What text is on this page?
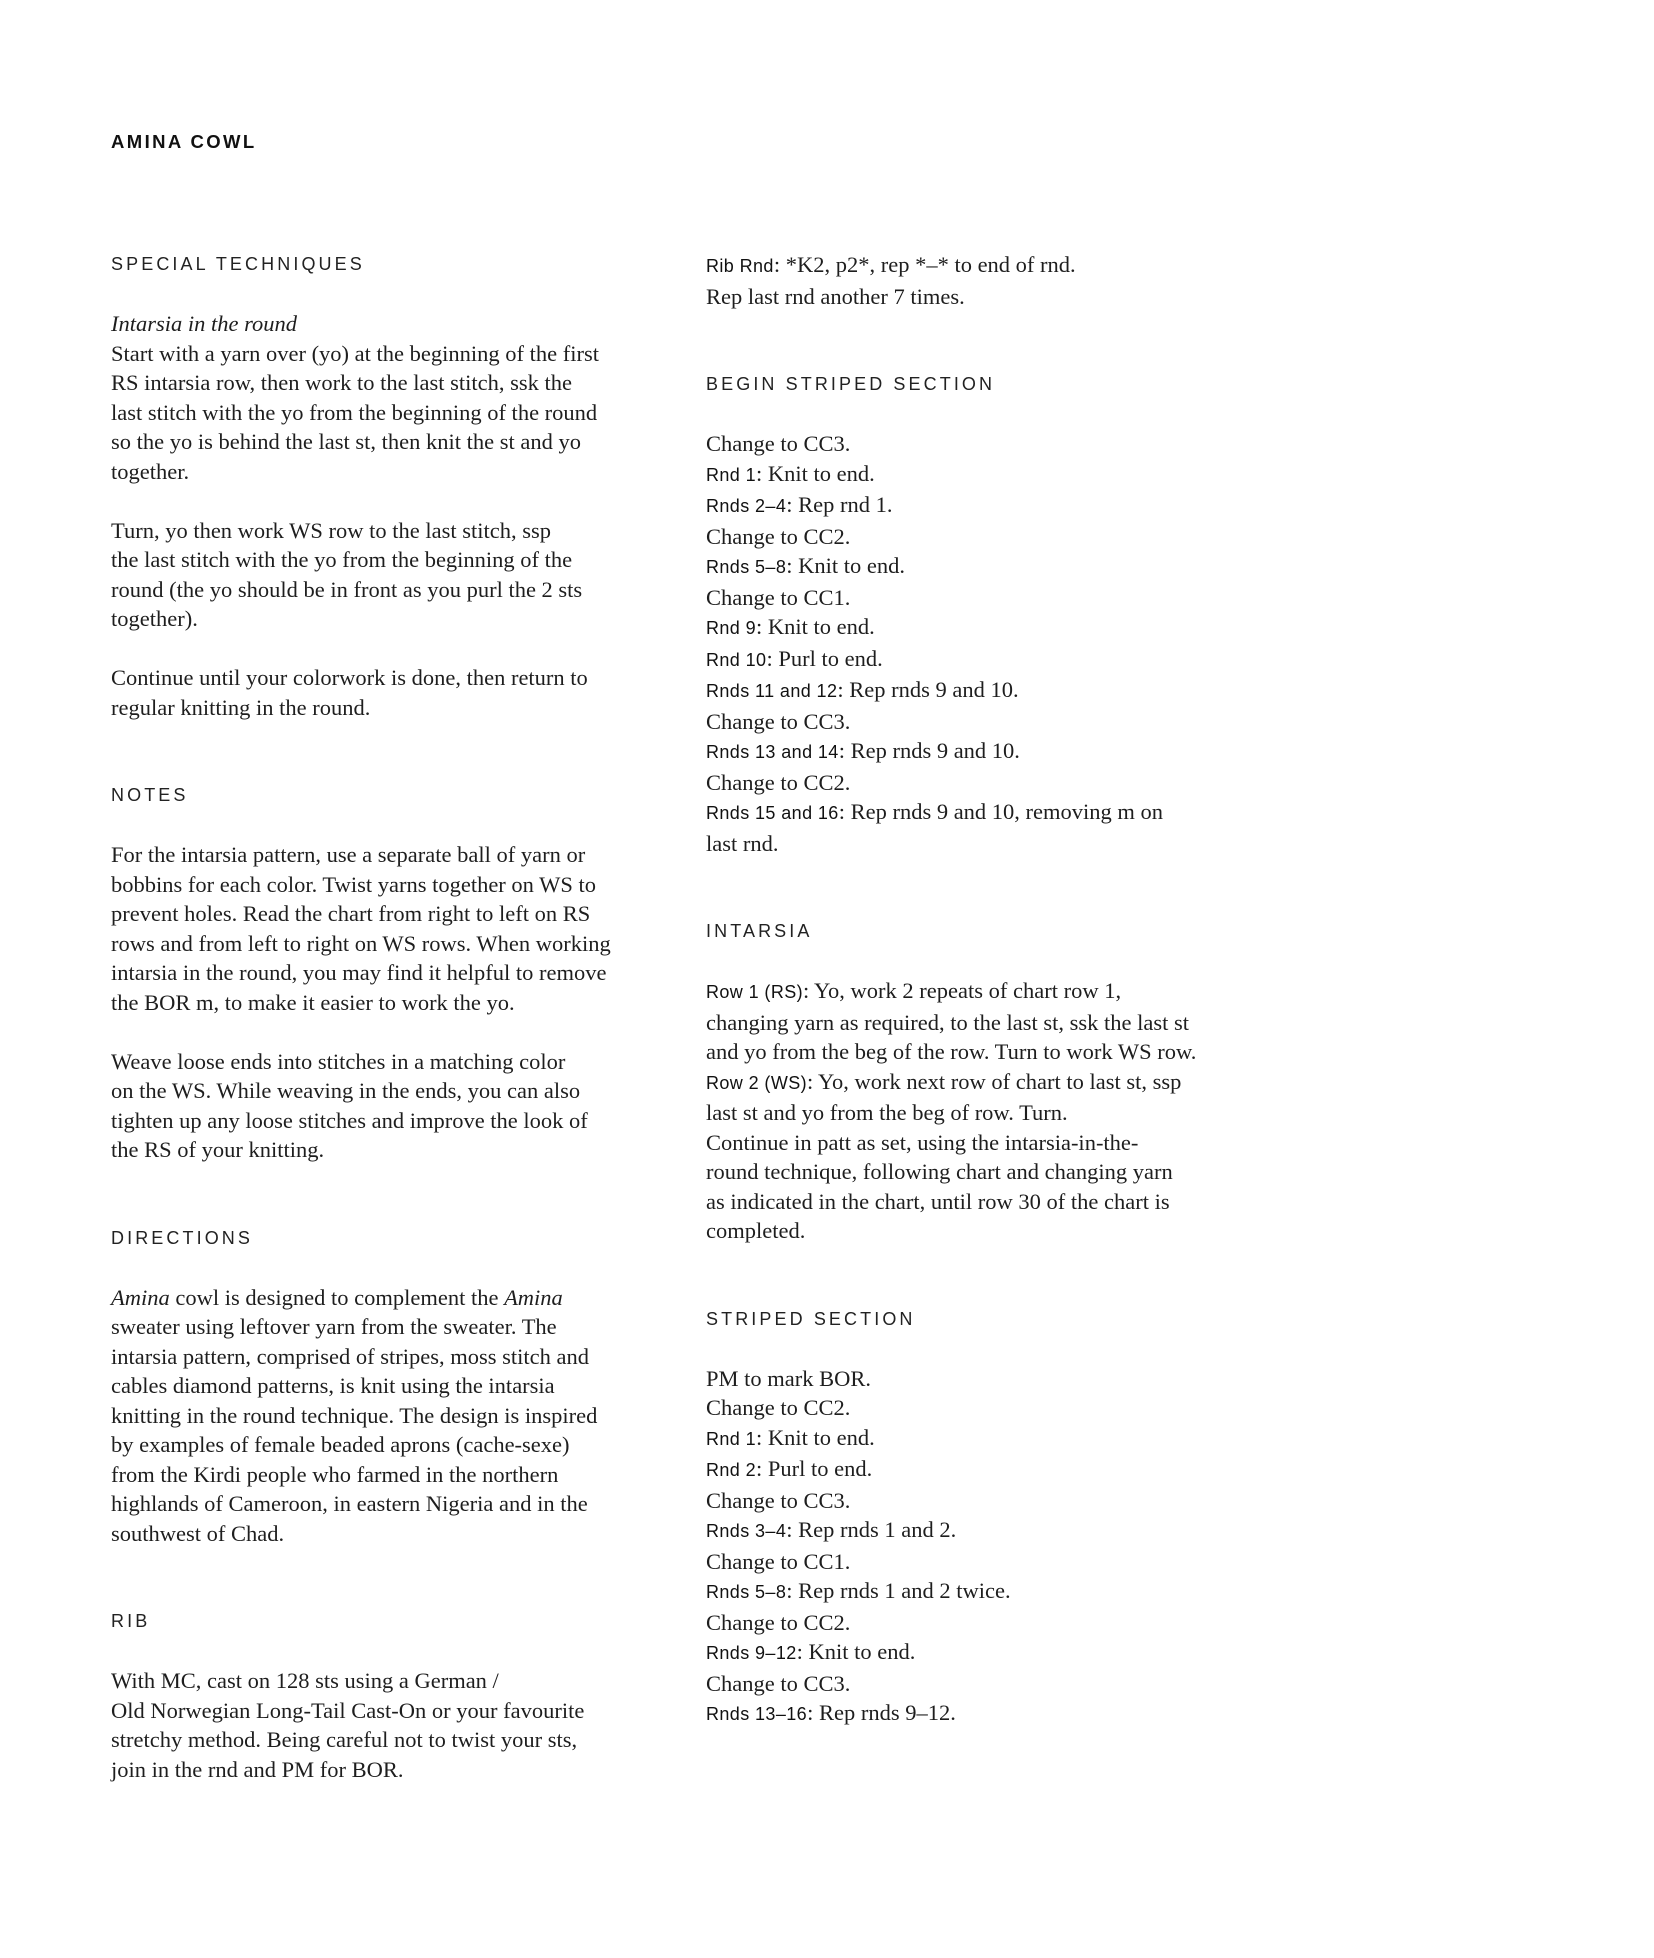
AMINA COWL
SPECIAL TECHNIQUES
Intarsia in the round
Start with a yarn over (yo) at the beginning of the first
RS intarsia row, then work to the last stitch, ssk the
last stitch with the yo from the beginning of the round
so the yo is behind the last st, then knit the st and yo
together.
Turn, yo then work WS row to the last stitch, ssp
the last stitch with the yo from the beginning of the
round (the yo should be in front as you purl the 2 sts
together).
Continue until your colorwork is done, then return to
regular knitting in the round.
NOTES
For the intarsia pattern, use a separate ball of yarn or
bobbins for each color. Twist yarns together on WS to
prevent holes. Read the chart from right to left on RS
rows and from left to right on WS rows. When working
intarsia in the round, you may find it helpful to remove
the BOR m, to make it easier to work the yo.
Weave loose ends into stitches in a matching color
on the WS. While weaving in the ends, you can also
tighten up any loose stitches and improve the look of
the RS of your knitting.
DIRECTIONS
Amina cowl is designed to complement the Amina
sweater using leftover yarn from the sweater. The
intarsia pattern, comprised of stripes, moss stitch and
cables diamond patterns, is knit using the intarsia
knitting in the round technique. The design is inspired
by examples of female beaded aprons (cache-sexe)
from the Kirdi people who farmed in the northern
highlands of Cameroon, in eastern Nigeria and in the
southwest of Chad.
RIB
With MC, cast on 128 sts using a German /
Old Norwegian Long-Tail Cast-On or your favourite
stretchy method. Being careful not to twist your sts,
join in the rnd and PM for BOR.
Rib Rnd: *K2, p2*, rep *–* to end of rnd.
Rep last rnd another 7 times.
BEGIN STRIPED SECTION
Change to CC3.
Rnd 1: Knit to end.
Rnds 2–4: Rep rnd 1.
Change to CC2.
Rnds 5–8: Knit to end.
Change to CC1.
Rnd 9: Knit to end.
Rnd 10: Purl to end.
Rnds 11 and 12: Rep rnds 9 and 10.
Change to CC3.
Rnds 13 and 14: Rep rnds 9 and 10.
Change to CC2.
Rnds 15 and 16: Rep rnds 9 and 10, removing m on
last rnd.
INTARSIA
Row 1 (RS): Yo, work 2 repeats of chart row 1,
changing yarn as required, to the last st, ssk the last st
and yo from the beg of the row. Turn to work WS row.
Row 2 (WS): Yo, work next row of chart to last st, ssp
last st and yo from the beg of row. Turn.
Continue in patt as set, using the intarsia-in-the-
round technique, following chart and changing yarn
as indicated in the chart, until row 30 of the chart is
completed.
STRIPED SECTION
PM to mark BOR.
Change to CC2.
Rnd 1: Knit to end.
Rnd 2: Purl to end.
Change to CC3.
Rnds 3–4: Rep rnds 1 and 2.
Change to CC1.
Rnds 5–8: Rep rnds 1 and 2 twice.
Change to CC2.
Rnds 9–12: Knit to end.
Change to CC3.
Rnds 13–16: Rep rnds 9–12.
